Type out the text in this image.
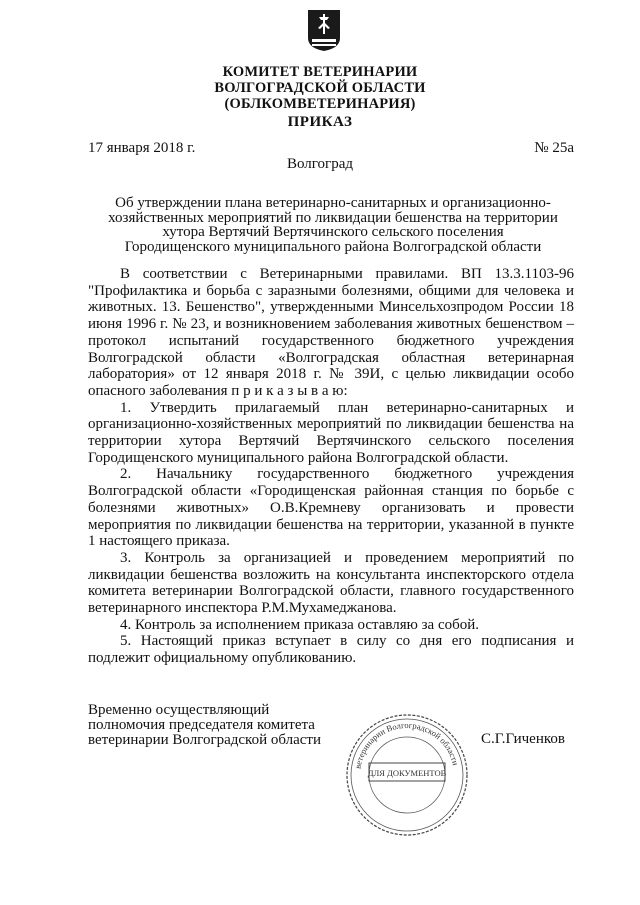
КОМИТЕТ ВЕТЕРИНАРИИ
ВОЛГОГРАДСКОЙ ОБЛАСТИ
(ОБЛКОМВЕТЕРИНАРИЯ)
ПРИКАЗ
17 января 2018 г.	№ 25а
Волгоград
Об утверждении плана ветеринарно-санитарных и организационно-хозяйственных мероприятий по ликвидации бешенства на территории хутора Вертячий Вертячинского сельского поселения Городищенского муниципального района Волгоградской области

В соответствии с Ветеринарными правилами. ВП 13.3.1103-96 "Профилактика и борьба с заразными болезнями, общими для человека и животных. 13. Бешенство", утвержденными Минсельхозпродом России 18 июня 1996 г. № 23, и возникновением заболевания животных бешенством – протокол испытаний государственного бюджетного учреждения Волгоградской области «Волгоградская областная ветеринарная лаборатория» от 12 января 2018 г. № 39И, с целью ликвидации особо опасного заболевания п р и к а з ы в а ю:

1. Утвердить прилагаемый план ветеринарно-санитарных и организационно-хозяйственных мероприятий по ликвидации бешенства на территории хутора Вертячий Вертячинского сельского поселения Городищенского муниципального района Волгоградской области.

2. Начальнику государственного бюджетного учреждения Волгоградской области «Городищенская районная станция по борьбе с болезнями животных» О.В.Кремневу организовать и провести мероприятия по ликвидации бешенства на территории, указанной в пункте 1 настоящего приказа.

3. Контроль за организацией и проведением мероприятий по ликвидации бешенства возложить на консультанта инспекторского отдела комитета ветеринарии Волгоградской области, главного государственного ветеринарного инспектора Р.М.Мухамеджанова.

4. Контроль за исполнением приказа оставляю за собой.

5. Настоящий приказ вступает в силу со дня его подписания и подлежит официальному опубликованию.

Временно осуществляющий
полномочия председателя комитета
ветеринарии Волгоградской области
ветеринарии Волгоградской области
ДЛЯ ДОКУМЕНТОВ
С.Г.Гиченков
